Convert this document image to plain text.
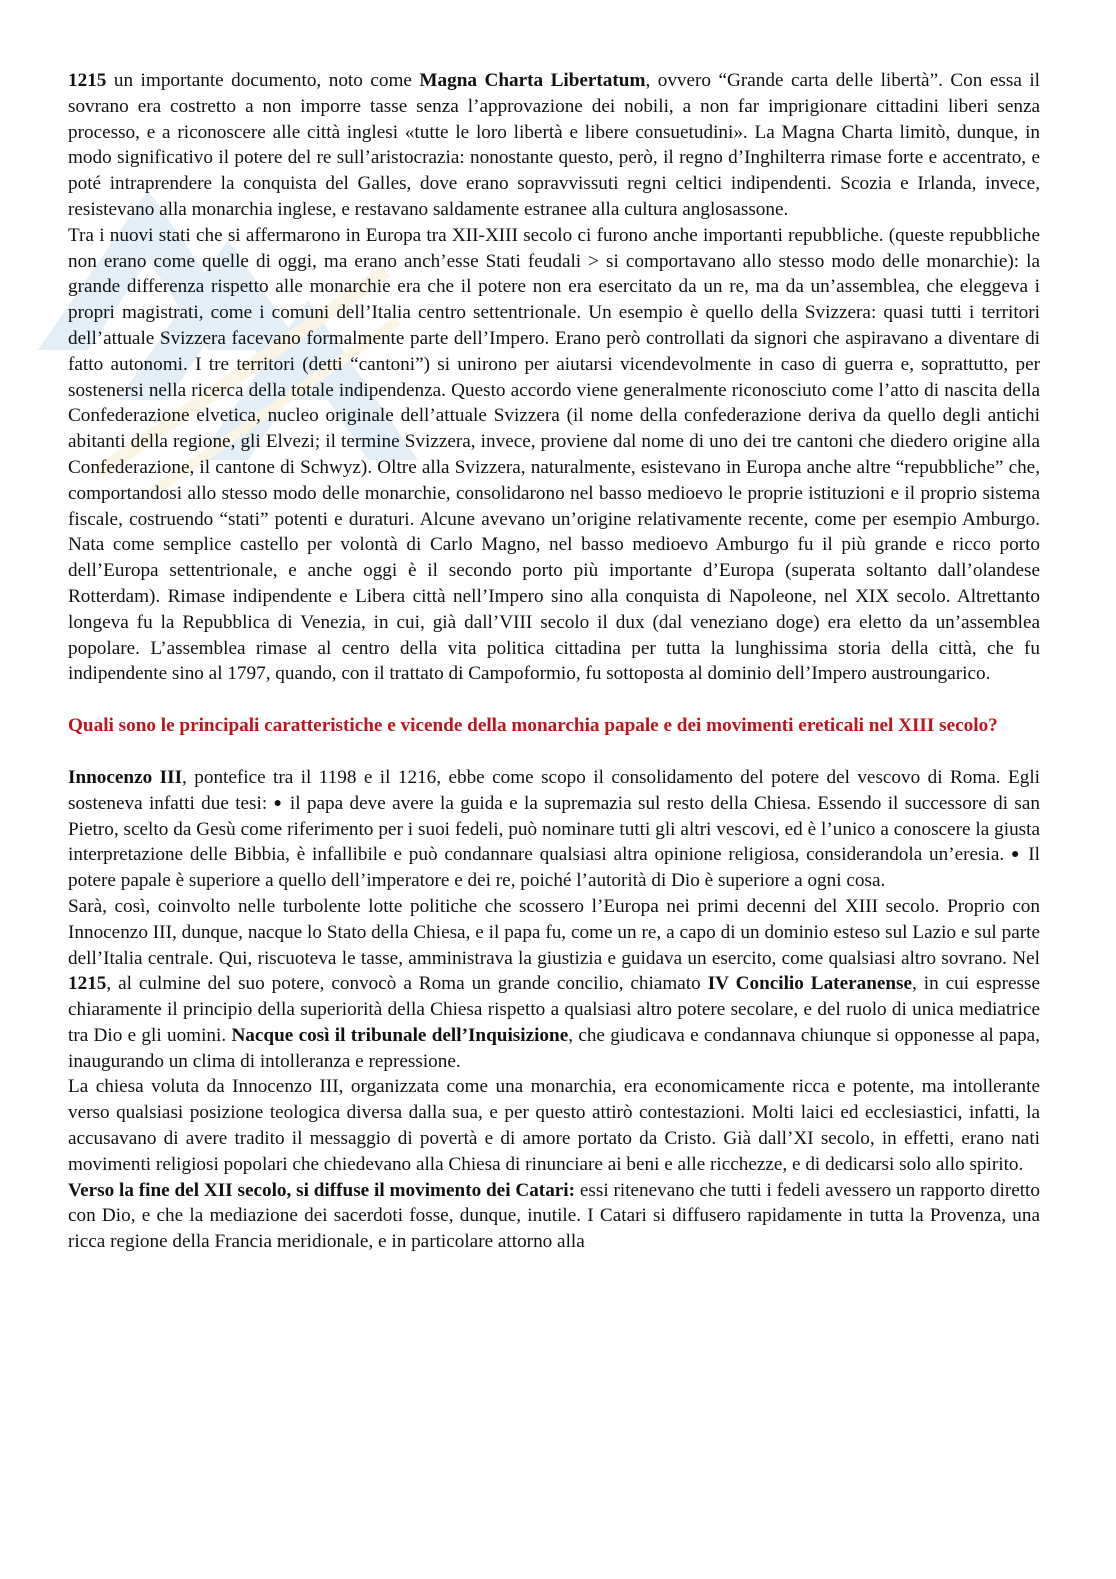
1215 un importante documento, noto come Magna Charta Libertatum, ovvero “Grande carta delle libertà”. Con essa il sovrano era costretto a non imporre tasse senza l’approvazione dei nobili, a non far imprigionare cittadini liberi senza processo, e a riconoscere alle città inglesi «tutte le loro libertà e libere consuetudini». La Magna Charta limitò, dunque, in modo significativo il potere del re sull’aristocrazia: nonostante questo, però, il regno d’Inghilterra rimase forte e accentrato, e poté intraprendere la conquista del Galles, dove erano sopravvissuti regni celtici indipendenti. Scozia e Irlanda, invece, resistevano alla monarchia inglese, e restavano saldamente estranee alla cultura anglosassone.

Tra i nuovi stati che si affermarono in Europa tra XII-XIII secolo ci furono anche importanti repubbliche. (queste repubbliche non erano come quelle di oggi, ma erano anch’esse Stati feudali > si comportavano allo stesso modo delle monarchie): la grande differenza rispetto alle monarchie era che il potere non era esercitato da un re, ma da un’assemblea, che eleggeva i propri magistrati, come i comuni dell’Italia centro settentrionale. Un esempio è quello della Svizzera: quasi tutti i territori dell’attuale Svizzera facevano formalmente parte dell’Impero. Erano però controllati da signori che aspiravano a diventare di fatto autonomi. I tre territori (detti “cantoni”) si unirono per aiutarsi vicendevolmente in caso di guerra e, soprattutto, per sostenersi nella ricerca della totale indipendenza. Questo accordo viene generalmente riconosciuto come l’atto di nascita della Confederazione elvetica, nucleo originale dell’attuale Svizzera (il nome della confederazione deriva da quello degli antichi abitanti della regione, gli Elvezi; il termine Svizzera, invece, proviene dal nome di uno dei tre cantoni che diedero origine alla Confederazione, il cantone di Schwyz). Oltre alla Svizzera, naturalmente, esistevano in Europa anche altre “repubbliche” che, comportandosi allo stesso modo delle monarchie, consolidarono nel basso medioevo le proprie istituzioni e il proprio sistema fiscale, costruendo “stati” potenti e duraturi. Alcune avevano un’origine relativamente recente, come per esempio Amburgo. Nata come semplice castello per volontà di Carlo Magno, nel basso medioevo Amburgo fu il più grande e ricco porto dell’Europa settentrionale, e anche oggi è il secondo porto più importante d’Europa (superata soltanto dall’olandese Rotterdam). Rimase indipendente e Libera città nell’Impero sino alla conquista di Napoleone, nel XIX secolo. Altrettanto longeva fu la Repubblica di Venezia, in cui, già dall’VIII secolo il dux (dal veneziano doge) era eletto da un’assemblea popolare. L’assemblea rimase al centro della vita politica cittadina per tutta la lunghissima storia della città, che fu indipendente sino al 1797, quando, con il trattato di Campoformio, fu sottoposta al dominio dell’Impero austroungarico.

Quali sono le principali caratteristiche e vicende della monarchia papale e dei movimenti ereticali nel XIII secolo?

Innocenzo III, pontefice tra il 1198 e il 1216, ebbe come scopo il consolidamento del potere del vescovo di Roma. Egli sosteneva infatti due tesi: ● il papa deve avere la guida e la supremazia sul resto della Chiesa. Essendo il successore di san Pietro, scelto da Gesù come riferimento per i suoi fedeli, può nominare tutti gli altri vescovi, ed è l’unico a conoscere la giusta interpretazione delle Bibbia, è infallibile e può condannare qualsiasi altra opinione religiosa, considerandola un’eresia. ● Il potere papale è superiore a quello dell’imperatore e dei re, poiché l’autorità di Dio è superiore a ogni cosa.

Sarà, così, coinvolto nelle turbolente lotte politiche che scossero l’Europa nei primi decenni del XIII secolo. Proprio con Innocenzo III, dunque, nacque lo Stato della Chiesa, e il papa fu, come un re, a capo di un dominio esteso sul Lazio e sul parte dell’Italia centrale. Qui, riscuoteva le tasse, amministrava la giustizia e guidava un esercito, come qualsiasi altro sovrano. Nel 1215, al culmine del suo potere, convocò a Roma un grande concilio, chiamato IV Concilio Lateranense, in cui espresse chiaramente il principio della superiorità della Chiesa rispetto a qualsiasi altro potere secolare, e del ruolo di unica mediatrice tra Dio e gli uomini. Nacque così il tribunale dell’Inquisizione, che giudicava e condannava chiunque si opponesse al papa, inaugurando un clima di intolleranza e repressione.

La chiesa voluta da Innocenzo III, organizzata come una monarchia, era economicamente ricca e potente, ma intollerante verso qualsiasi posizione teologica diversa dalla sua, e per questo attirò contestazioni. Molti laici ed ecclesiastici, infatti, la accusavano di avere tradito il messaggio di povertà e di amore portato da Cristo. Già dall’XI secolo, in effetti, erano nati movimenti religiosi popolari che chiedevano alla Chiesa di rinunciare ai beni e alle ricchezze, e di dedicarsi solo allo spirito.

Verso la fine del XII secolo, si diffuse il movimento dei Catari: essi ritenevano che tutti i fedeli avessero un rapporto diretto con Dio, e che la mediazione dei sacerdoti fosse, dunque, inutile. I Catari si diffusero rapidamente in tutta la Provenza, una ricca regione della Francia meridionale, e in particolare attorno alla
